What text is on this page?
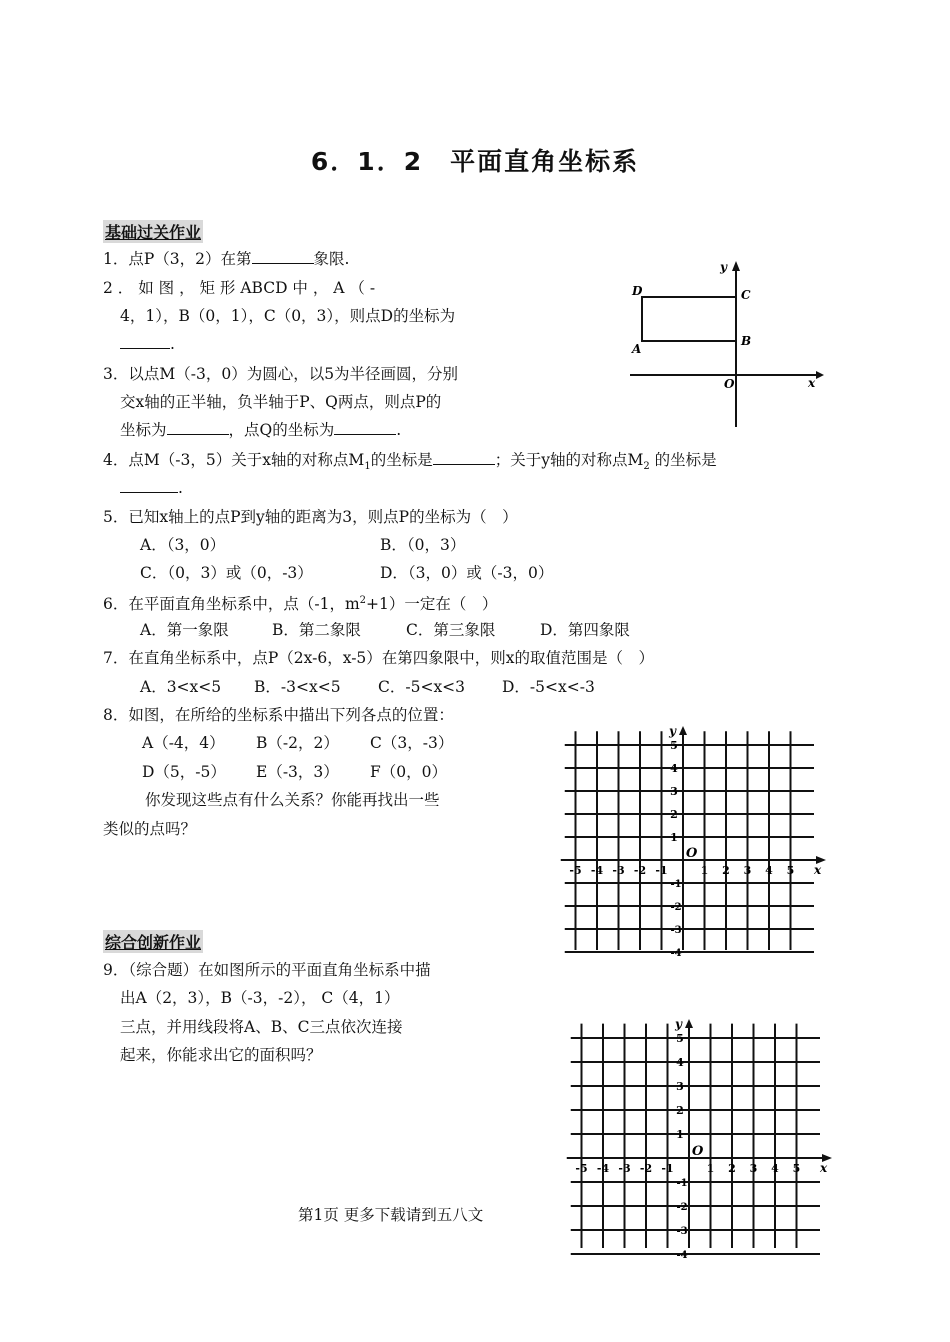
6．1．2　平面直角坐标系
基础过关作业
1．点P（3，2）在第	象限.
2 ． 如 图 ， 矩 形 ABCD 中 ， A （ -
4，1），B（0，1），C（0，3），则点D的坐标为
.
D	C
A
B
O	x
y
3．以点M（-3，0）为圆心，以5为半径画圆，分别
交x轴的正半轴，负半轴于P、Q两点，则点P的
坐标为	，点Q的坐标为	.
4．点M（-3，5）关于x轴的对称点$M_1$的坐标是	；关于y轴的对称点$M_2$ 的坐标是
.
5．已知x轴上的点P到y轴的距离为3，则点P的坐标为（　）
A．（3，0）	B．（0，3）
C．（0，3）或（0，-3）	D．（3，0）或（-3，0）
6．在平面直角坐标系中，点（-1，$m^2+1$）一定在（　）
A．第一象限	B．第二象限	C．第三象限	D．第四象限
7．在直角坐标系中，点P（2x-6，x-5）在第四象限中，则x的取值范围是（　）
A．3<x<5 B．-3<x<5 C．-5<x<3 D．-5<x<-3
8．如图，在所给的坐标系中描出下列各点的位置：
A（-4，4） B（-2，2） C（3，-3）
D（5，-5） E（-3，3） F（0，0）
你发现这些点有什么关系？你能再找出一些
类似的点吗？
-5 -4 -3 -2 -1	1 2 3 4 5
5
4
3
2
1
-1
-2
-3
-4
O
x
y
综合创新作业
9．（综合题）在如图所示的平面直角坐标系中描
出A（2，3），B（-3，-2）， C（4，1）
三点，并用线段将A、B、C三点依次连接
起来，你能求出它的面积吗？
-5 -4 -3 -2 -1	1 2 3 4 5
5
4
3
2
1
-1
-2
-3
-4
O
x
y
第1页 更多下载请到五八文
